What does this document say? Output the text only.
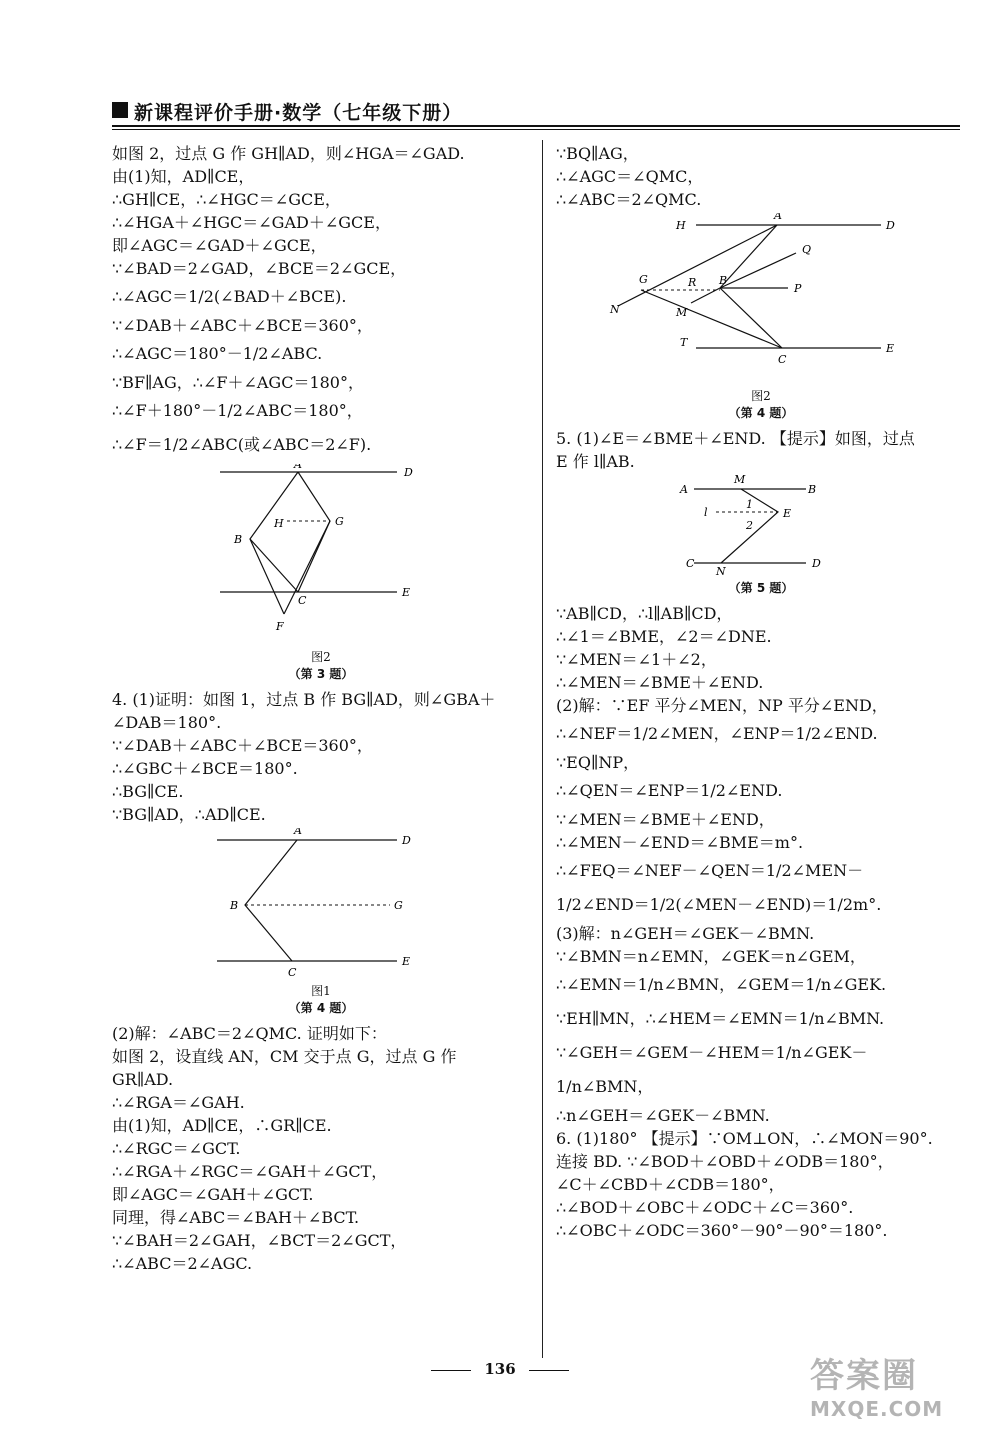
新课程评价手册·数学（七年级下册）
如图 2，过点 G 作 GH∥AD，则∠HGA＝∠GAD.
由(1)知，AD∥CE，
∴GH∥CE，∴∠HGC＝∠GCE，
∴∠HGA＋∠HGC＝∠GAD＋∠GCE，
即∠AGC＝∠GAD＋∠GCE，
∵∠BAD＝2∠GAD，∠BCE＝2∠GCE，
∴∠AGC＝1/2(∠BAD＋∠BCE).
∵∠DAB＋∠ABC＋∠BCE＝360°，
∴∠AGC＝180°－1/2∠ABC.
∵BF∥AG，∴∠F＋∠AGC＝180°，
∴∠F＋180°－1/2∠ABC＝180°，
∴∠F＝1/2∠ABC(或∠ABC＝2∠F).
A
D
G
H
B
C
E
F
图2
（第 3 题）
4. (1)证明：如图 1，过点 B 作 BG∥AD，则∠GBA＋
∠DAB＝180°.
∵∠DAB＋∠ABC＋∠BCE＝360°，
∴∠GBC＋∠BCE＝180°.
∴BG∥CE.
∵BG∥AD，∴AD∥CE.
A
D
B	G
C
E
图1
（第 4 题）
(2)解：∠ABC＝2∠QMC. 证明如下：
如图 2，设直线 AN，CM 交于点 G，过点 G 作
GR∥AD.
∴∠RGA＝∠GAH.
由(1)知，AD∥CE，∴GR∥CE.
∴∠RGC＝∠GCT.
∴∠RGA＋∠RGC＝∠GAH＋∠GCT，
即∠AGC＝∠GAH＋∠GCT.
同理，得∠ABC＝∠BAH＋∠BCT.
∵∠BAH＝2∠GAH，∠BCT＝2∠GCT，
∴∠ABC＝2∠AGC.
∵BQ∥AG，
∴∠AGC＝∠QMC，
∴∠ABC＝2∠QMC.
H
A
D
Q
G	R B
P
N	M
T
C
E
图2
（第 4 题）
5. (1)∠E＝∠BME＋∠END. 【提示】如图，过点
E 作 l∥AB.
A
M
B
l
1
2
E
C
N
D
（第 5 题）
∵AB∥CD，∴l∥AB∥CD，
∴∠1＝∠BME，∠2＝∠DNE.
∵∠MEN＝∠1＋∠2，
∴∠MEN＝∠BME＋∠END.
(2)解：∵EF 平分∠MEN，NP 平分∠END，
∴∠NEF＝1/2∠MEN，∠ENP＝1/2∠END.
∵EQ∥NP，
∴∠QEN＝∠ENP＝1/2∠END.
∵∠MEN＝∠BME＋∠END，
∴∠MEN－∠END＝∠BME＝m°.
∴∠FEQ＝∠NEF－∠QEN＝1/2∠MEN－
1/2∠END＝1/2(∠MEN－∠END)＝1/2m°.
(3)解：n∠GEH＝∠GEK－∠BMN.
∵∠BMN＝n∠EMN，∠GEK＝n∠GEM，
∴∠EMN＝1/n∠BMN，∠GEM＝1/n∠GEK.
∵EH∥MN，∴∠HEM＝∠EMN＝1/n∠BMN.
∵∠GEH＝∠GEM－∠HEM＝1/n∠GEK－
1/n∠BMN，
∴n∠GEH＝∠GEK－∠BMN.
6. (1)180° 【提示】∵OM⊥ON，∴∠MON＝90°.
连接 BD. ∵∠BOD＋∠OBD＋∠ODB＝180°，
∠C＋∠CBD＋∠CDB＝180°，
∴∠BOD＋∠OBC＋∠ODC＋∠C＝360°.
∴∠OBC＋∠ODC＝360°－90°－90°＝180°.
136	答案圈
MXQE.COM
